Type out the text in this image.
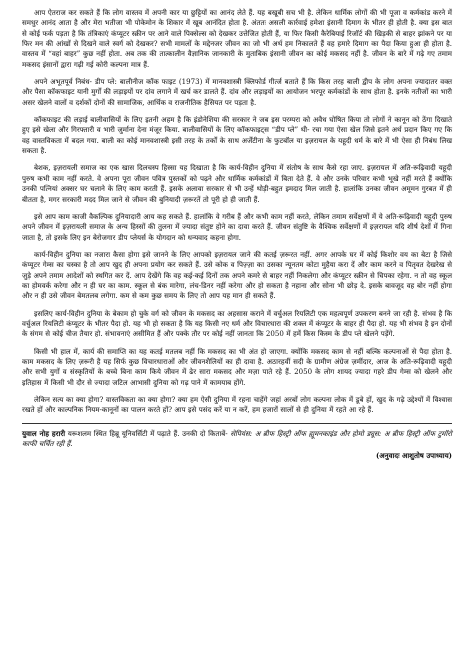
आप ऐतराज कर सकते हैं कि लोग वास्तव में अपनी कार या छुट्टियों का आनंद लेते हैं. यह बखूबी सच भी है. लेकिन धार्मिक लोगों की भी पूजा व कर्मकांड करने में समधुर आनंद आता है और मेरा भतीजा भी पोकेमोन के शिकार में खूब आनंदित होता है. अंततः असली कार्रवाई हमेशा इंसानी दिमाग के भीतर ही होती है. क्या इस बात से कोई फर्क पड़ता है कि तंत्रिकाएं कंप्यूटर स्क्रीन पर आने वाले पिक्सेल्स को देखकर उत्तेजित होती हैं, या फिर किसी कैरेबियाई रिजॉर्ट की खिड़की से बाहर झांकने पर या फिर मन की आंखों से दिखने वाले स्वर्ग को देखकर? सभी मामलों के मद्देनजर जीवन का जो भी अर्थ हम निकालते हैं वह हमारे दिमाग का पैदा किया हुआ ही होता है. वास्तव में “वहां बाहर” कुछ नहीं होता. अब तक की तात्कालीन वैज्ञानिक जानकारी के मुताबिक इंसानी जीवन का कोई मकसद नहीं है. जीवन के बारे में गढ़े गए तमाम मकसद इंसानों द्वारा गढ़ी गई कोरी कल्पना मात्र हैं.

अपने अभूतपूर्व निबंध- डीप प्ले: बालीनीज कॉक फाइट (1973) में मानवशास्त्री क्लिफोर्ड गीर्त्ज बताते हैं कि किस तरह बाली द्वीप के लोग अपना ज्यादातर वक्त और पैसा कॉकफाइट यानी मुर्गों की लड़ाइयों पर दांव लगाने में खर्च कर डालते हैं. दांव और लड़ाइयों का आयोजन भरपूर कर्मकांडों के साथ होता है. इनके नतीजों का भारी असर खेलने वालों व दर्शकों दोनों की सामाजिक, आर्थिक व राजनीतिक हैसियत पर पड़ता है.

कॉकफाइट की लड़ाई बालीवासियों के लिए इतनी अहम है कि इंडोनेशिया की सरकार ने जब इस परम्परा को अवैध घोषित किया तो लोगों ने कानून को ठेंगा दिखाते हुए इसे खेला और गिरफ्तारी व भारी जुर्माना देना मंजूर किया. बालीवासियों के लिए कॉकफाइट्स “डीप प्ले” थी- रचा गया ऐसा खेल जिसे इतने अर्थ प्रदान किए गए कि वह वास्तविकता में बदल गया. बाली का कोई मानवशास्त्री इसी तरह के तर्कों के साथ अर्जेंटीना के फुटबॉल या इज़रायल के यहूदी धर्म के बारे में भी ऐसा ही निबंध लिख सकता है.

बेशक, इज़रायली समाज का एक खास दिलचस्प हिस्सा यह दिखाता है कि कार्य-विहीन दुनिया में संतोष के साथ कैसे रहा जाए. इज़रायल में अति-रूढ़िवादी यहूदी पुरुष कभी काम नहीं करते. वे अपना पूरा जीवन पवित्र पुस्तकों को पढ़ने और धार्मिक कर्मकांडों में बिता देते हैं. वे और उनके परिवार कभी भूखे नहीं मरते हैं क्योंकि उनकी पत्नियां अक्सर घर चलाने के लिए काम करती हैं. इसके अलावा सरकार से भी उन्हें थोड़ी-बहुत इमदाद मिल जाती है. हालांकि उनका जीवन अमूमन गुरबत में ही बीतता है, मगर सरकारी मदद मिल जाने से जीवन की बुनियादी ज़रूरतें तो पूरी हो ही जाती हैं.

इसे आप काम काजी वैकल्पिक दुनियादारी आय कह सकते हैं. हालांकि वे गरीब हैं और कभी काम नहीं करते, लेकिन तमाम सर्वेक्षणों में ये अति-रूढ़िवादी यहूदी पुरुष अपने जीवन में इज़रायली समाज के अन्य हिस्सों की तुलना में ज्यादा संतुष्ट होने का दावा करते हैं. जीवन संतुष्टि के वैश्विक सर्वेक्षणों में इज़रायल यदि शीर्ष देशों में गिना जाता है, तो इसके लिए इन बेरोजगार डीप प्लेयर्स के योगदान को धन्यवाद कहना होगा.

कार्य-विहीन दुनिया का नजारा कैसा होगा इसे जानने के लिए आपको इज़रायल जाने की कतई ज़रूरत नहीं. अगर आपके घर में कोई किशोर वय का बेटा है जिसे कंप्यूटर गेम्स का चस्का है तो आप खुद ही अपना प्रयोग कर सकते हैं. उसे कोक व पिज़्ज़ा का उसका न्यूनतम कोटा मुहैया करा दें और काम करने व पितृवत देखरेख से जुड़े अपने तमाम आदेशों को स्थगित कर दें. आप देखेंगे कि वह कई-कई दिनों तक अपने कमरे से बाहर नहीं निकलेगा और कंप्यूटर स्क्रीन से चिपका रहेगा. न तो वह स्कूल का होमवर्क करेगा और न ही घर का काम. स्कूल से बंक मारेगा, लंच-डिनर नहीं करेगा और हो सकता है नहाना और सोना भी छोड़ दे. इसके बावजूद वह बोर नहीं होगा और न ही उसे जीवन बेमतलब लगेगा. कम से कम कुछ समय के लिए तो आप यह मान ही सकते हैं.

इसलिए कार्य-विहीन दुनिया के बेकाम हो चुके वर्ग को जीवन के मकसद का अहसास कराने में वर्चुअल रियलिटी एक महत्वपूर्ण उपकरण बनने जा रही है. संभव है कि वर्चुअल रियलिटी कंप्यूटर के भीतर पैदा हो. यह भी हो सकता है कि यह किसी नए धर्म और विचारधारा की शक्ल में कंप्यूटर के बाहर ही पैदा हो. यह भी संभव है इन दोनों के संगम से कोई चीज तैयार हो. संभावनाएं असीमित हैं और पक्के तौर पर कोई नहीं जानता कि 2050 में हमें किस किस्म के डीप प्ले खेलने पड़ेंगे.

किसी भी हाल में, कार्य की समाप्ति का यह कतई मतलब नहीं कि मकसद का भी अंत हो जाएगा. क्योंकि मकसद काम से नहीं बल्कि कल्पनाओं से पैदा होता है. काम मकसद के लिए ज़रूरी है यह सिर्फ कुछ विचारधाराओं और जीवनशैलियों का ही दावा है. अठारहवीं सदी के ग्रामीण अंग्रेज ज़मींदार, आज के अति-रूढ़िवादी यहूदी और सभी युगों व संस्कृतियों के बच्चे बिना काम किये जीवन में ढेर सारा मकसद और मज़ा पाते रहे हैं. 2050 के लोग शायद ज्यादा गहरे डीप गेम्स को खेलने और इतिहास में किसी भी दौर से ज्यादा जटिल आभासी दुनिया को गढ़ पाने में कामयाब होंगे.

लेकिन सत्य का क्या होगा? वास्तविकता का क्या होगा? क्या हम ऐसी दुनिया में रहना चाहेंगे जहां अरबों लोग कल्पना लोक में डूबे हों, खुद के गढ़े उद्देश्यों में विश्वास रखते हों और काल्पनिक नियम-कानूनों का पालन करते हों? आप इसे पसंद करें या न करें, हम हजारों सालों से ही दुनिया में रहते आ रहे हैं.

युवाल नोह हरारी यरूशलम स्थित हिब्रू यूनिवर्सिटी में पढ़ाते हैं. उनकी दो किताबें- सेपियंस: अ ब्रीफ हिस्ट्री ऑफ ह्यूमनकाइंड और होमो ड्यूस: अ ब्रीफ हिस्ट्री ऑफ टुमॉरो काफी चर्चित रही हैं.

(अनुवादः आशुतोष उपाध्याय)
